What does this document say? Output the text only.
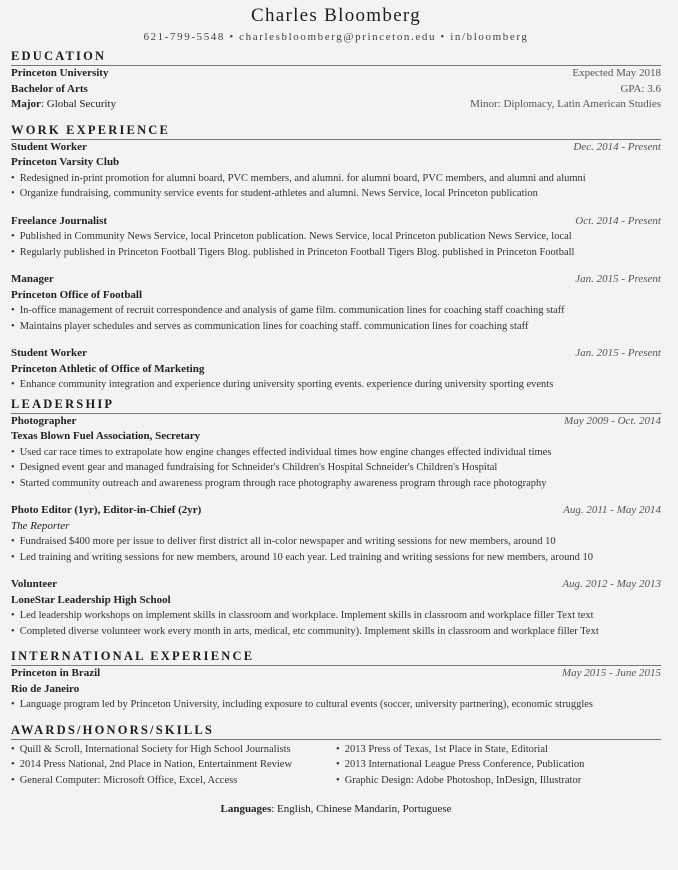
Charles Bloomberg
621-799-5548 • charlesbloomberg@princeton.edu • in/bloomberg
EDUCATION
Princeton University	Expected May 2018
Bachelor of Arts	GPA: 3.6
Major: Global Security	Minor: Diplomacy, Latin American Studies
WORK EXPERIENCE
Student Worker	Dec. 2014 - Present
Princeton Varsity Club
• Redesigned in-print promotion for alumni board, PVC members, and alumni. for alumni board, PVC members, and alumni and alumni
• Organize fundraising, community service events for student-athletes and alumni. News Service, local Princeton publication
Freelance Journalist	Oct. 2014 - Present
• Published in Community News Service, local Princeton publication. News Service, local Princeton publication News Service, local
• Regularly published in Princeton Football Tigers Blog. published in Princeton Football Tigers Blog. published in Princeton Football
Manager	Jan. 2015 - Present
Princeton Office of Football
• In-office management of recruit correspondence and analysis of game film. communication lines for coaching staff coaching staff
• Maintains player schedules and serves as communication lines for coaching staff. communication lines for coaching staff
Student Worker	Jan. 2015 - Present
Princeton Athletic of Office of Marketing
• Enhance community integration and experience during university sporting events. experience during university sporting events
LEADERSHIP
Photographer	May 2009 - Oct. 2014
Texas Blown Fuel Association, Secretary
• Used car race times to extrapolate how engine changes effected individual times how engine changes effected individual times
• Designed event gear and managed fundraising for Schneider's Children's Hospital Schneider's Children's Hospital
• Started community outreach and awareness program through race photography awareness program through race photography
Photo Editor (1yr), Editor-in-Chief (2yr)	Aug. 2011 - May 2014
The Reporter
• Fundraised $400 more per issue to deliver first district all in-color newspaper and writing sessions for new members, around 10
• Led training and writing sessions for new members, around 10 each year. Led training and writing sessions for new members, around 10
Volunteer	Aug. 2012 - May 2013
LoneStar Leadership High School
• Led leadership workshops on implement skills in classroom and workplace. Implement skills in classroom and workplace filler Text text
• Completed diverse volunteer work every month in arts, medical, etc community). Implement skills in classroom and workplace filler Text
INTERNATIONAL EXPERIENCE
Princeton in Brazil	May 2015 - June 2015
Rio de Janeiro
• Language program led by Princeton University, including exposure to cultural events (soccer, university partnering), economic struggles
AWARDS/HONORS/SKILLS
• Quill & Scroll, International Society for High School Journalists
• 2014 Press National, 2nd Place in Nation, Entertainment Review
• General Computer: Microsoft Office, Excel, Access
• 2013 Press of Texas, 1st Place in State, Editorial
• 2013 International League Press Conference, Publication
• Graphic Design: Adobe Photoshop, InDesign, Illustrator
Languages: English, Chinese Mandarin, Portuguese
